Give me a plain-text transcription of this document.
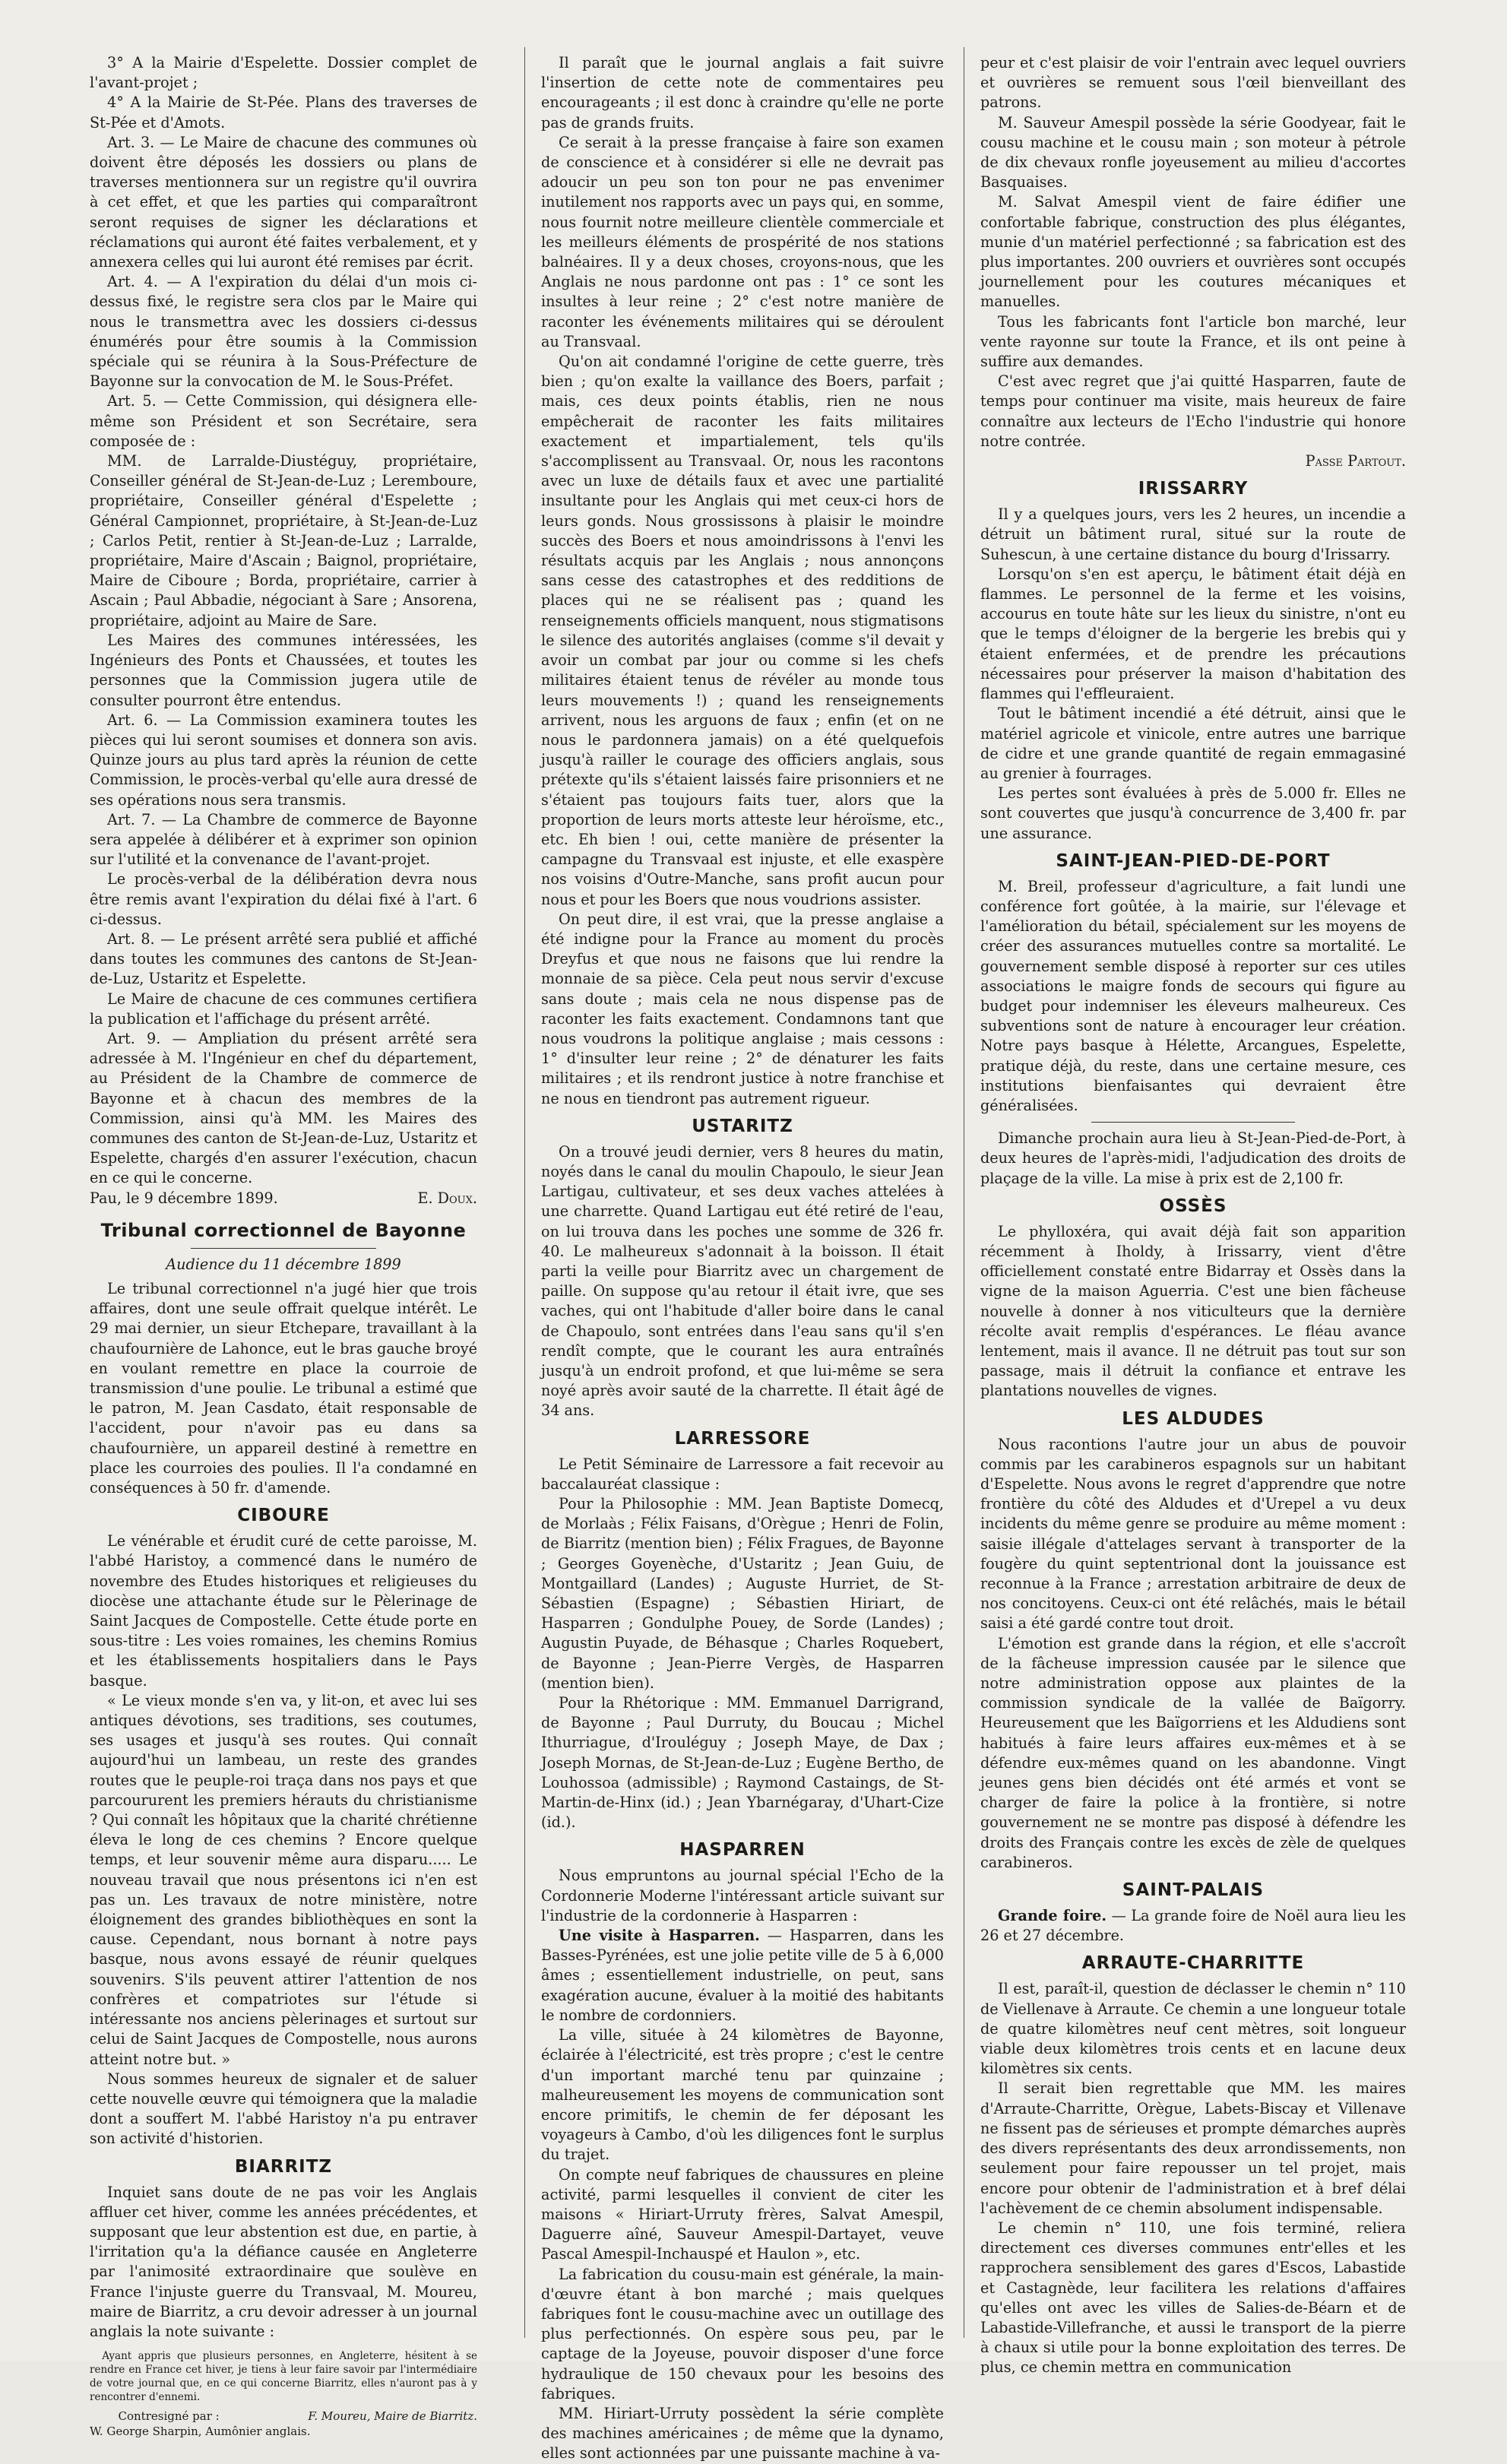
3° A la Mairie d'Espelette. Dossier complet de l'avant-projet ;
4° A la Mairie de St-Pée. Plans des traverses de St-Pée et d'Amots.
Art. 3. — Le Maire de chacune des communes où doivent être déposés les dossiers ou plans de traverses mentionnera sur un registre qu'il ouvrira à cet effet, et que les parties qui comparaîtront seront requises de signer les déclarations et réclamations qui auront été faites verbalement, et y annexera celles qui lui auront été remises par écrit.
Art. 4. — A l'expiration du délai d'un mois ci-dessus fixé, le registre sera clos par le Maire qui nous le transmettra avec les dossiers ci-dessus énumérés pour être soumis à la Commission spéciale qui se réunira à la Sous-Préfecture de Bayonne sur la convocation de M. le Sous-Préfet.
Art. 5. — Cette Commission, qui désignera elle-même son Président et son Secrétaire, sera composée de :
MM. de Larralde-Diustéguy, propriétaire, Conseiller général de St-Jean-de-Luz ; Leremboure, propriétaire, Conseiller général d'Espelette ; Général Campionnet, propriétaire, à St-Jean-de-Luz ; Carlos Petit, rentier à St-Jean-de-Luz ; Larralde, propriétaire, Maire d'Ascain ; Baignol, propriétaire, Maire de Ciboure ; Borda, propriétaire, carrier à Ascain ; Paul Abbadie, négociant à Sare ; Ansorena, propriétaire, adjoint au Maire de Sare.
Les Maires des communes intéressées, les Ingénieurs des Ponts et Chaussées, et toutes les personnes que la Commission jugera utile de consulter pourront être entendus.
Art. 6. — La Commission examinera toutes les pièces qui lui seront soumises et donnera son avis. Quinze jours au plus tard après la réunion de cette Commission, le procès-verbal qu'elle aura dressé de ses opérations nous sera transmis.
Art. 7. — La Chambre de commerce de Bayonne sera appelée à délibérer et à exprimer son opinion sur l'utilité et la convenance de l'avant-projet.
Le procès-verbal de la délibération devra nous être remis avant l'expiration du délai fixé à l'art. 6 ci-dessus.
Art. 8. — Le présent arrêté sera publié et affiché dans toutes les communes des cantons de St-Jean-de-Luz, Ustaritz et Espelette.
Le Maire de chacune de ces communes certifiera la publication et l'affichage du présent arrêté.
Art. 9. — Ampliation du présent arrêté sera adressée à M. l'Ingénieur en chef du département, au Président de la Chambre de commerce de Bayonne et à chacun des membres de la Commission, ainsi qu'à MM. les Maires des communes des canton de St-Jean-de-Luz, Ustaritz et Espelette, chargés d'en assurer l'exécution, chacun en ce qui le concerne.
Pau, le 9 décembre 1899.	E. Doux.
Tribunal correctionnel de Bayonne
Audience du 11 décembre 1899
Le tribunal correctionnel n'a jugé hier que trois affaires, dont une seule offrait quelque intérêt. Le 29 mai dernier, un sieur Etchepare, travaillant à la chaufournière de Lahonce, eut le bras gauche broyé en voulant remettre en place la courroie de transmission d'une poulie. Le tribunal a estimé que le patron, M. Jean Casdato, était responsable de l'accident, pour n'avoir pas eu dans sa chaufournière, un appareil destiné à remettre en place les courroies des poulies. Il l'a condamné en conséquences à 50 fr. d'amende.
CIBOURE
Le vénérable et érudit curé de cette paroisse, M. l'abbé Haristoy, a commencé dans le numéro de novembre des Etudes historiques et religieuses du diocèse une attachante étude sur le Pèlerinage de Saint Jacques de Compostelle. Cette étude porte en sous-titre : Les voies romaines, les chemins Romius et les établissements hospitaliers dans le Pays basque.
« Le vieux monde s'en va, y lit-on, et avec lui ses antiques dévotions, ses traditions, ses coutumes, ses usages et jusqu'à ses routes. Qui connaît aujourd'hui un lambeau, un reste des grandes routes que le peuple-roi traça dans nos pays et que parcoururent les premiers hérauts du christianisme ? Qui connaît les hôpitaux que la charité chrétienne éleva le long de ces chemins ? Encore quelque temps, et leur souvenir même aura disparu..... Le nouveau travail que nous présentons ici n'en est pas un. Les travaux de notre ministère, notre éloignement des grandes bibliothèques en sont la cause. Cependant, nous bornant à notre pays basque, nous avons essayé de réunir quelques souvenirs. S'ils peuvent attirer l'attention de nos confrères et compatriotes sur l'étude si intéressante nos anciens pèlerinages et surtout sur celui de Saint Jacques de Compostelle, nous aurons atteint notre but. »
Nous sommes heureux de signaler et de saluer cette nouvelle œuvre qui témoignera que la maladie dont a souffert M. l'abbé Haristoy n'a pu entraver son activité d'historien.
BIARRITZ
Inquiet sans doute de ne pas voir les Anglais affluer cet hiver, comme les années précédentes, et supposant que leur abstention est due, en partie, à l'irritation qu'a la défiance causée en Angleterre par l'animosité extraordinaire que soulève en France l'injuste guerre du Transvaal, M. Moureu, maire de Biarritz, a cru devoir adresser à un journal anglais la note suivante :
Ayant appris que plusieurs personnes, en Angleterre, hésitent à se rendre en France cet hiver, je tiens à leur faire savoir par l'intermédiaire de votre journal que, en ce qui concerne Biarritz, elles n'auront pas à y rencontrer d'ennemi.
Contresigné par :	F. Moureu, Maire de Biarritz.
W. George Sharpin, Aumônier anglais.
Il paraît que le journal anglais a fait suivre l'insertion de cette note de commentaires peu encourageants ; il est donc à craindre qu'elle ne porte pas de grands fruits.
Ce serait à la presse française à faire son examen de conscience et à considérer si elle ne devrait pas adoucir un peu son ton pour ne pas envenimer inutilement nos rapports avec un pays qui, en somme, nous fournit notre meilleure clientèle commerciale et les meilleurs éléments de prospérité de nos stations balnéaires. Il y a deux choses, croyons-nous, que les Anglais ne nous pardonne ont pas : 1° ce sont les insultes à leur reine ; 2° c'est notre manière de raconter les événements militaires qui se déroulent au Transvaal.
Qu'on ait condamné l'origine de cette guerre, très bien ; qu'on exalte la vaillance des Boers, parfait ; mais, ces deux points établis, rien ne nous empêcherait de raconter les faits militaires exactement et impartialement, tels qu'ils s'accomplissent au Transvaal. Or, nous les racontons avec un luxe de détails faux et avec une partialité insultante pour les Anglais qui met ceux-ci hors de leurs gonds. Nous grossissons à plaisir le moindre succès des Boers et nous amoindrissons à l'envi les résultats acquis par les Anglais ; nous annonçons sans cesse des catastrophes et des redditions de places qui ne se réalisent pas ; quand les renseignements officiels manquent, nous stigmatisons le silence des autorités anglaises (comme s'il devait y avoir un combat par jour ou comme si les chefs militaires étaient tenus de révéler au monde tous leurs mouvements !) ; quand les renseignements arrivent, nous les arguons de faux ; enfin (et on ne nous le pardonnera jamais) on a été quelquefois jusqu'à railler le courage des officiers anglais, sous prétexte qu'ils s'étaient laissés faire prisonniers et ne s'étaient pas toujours faits tuer, alors que la proportion de leurs morts atteste leur héroïsme, etc., etc. Eh bien ! oui, cette manière de présenter la campagne du Transvaal est injuste, et elle exaspère nos voisins d'Outre-Manche, sans profit aucun pour nous et pour les Boers que nous voudrions assister.
On peut dire, il est vrai, que la presse anglaise a été indigne pour la France au moment du procès Dreyfus et que nous ne faisons que lui rendre la monnaie de sa pièce. Cela peut nous servir d'excuse sans doute ; mais cela ne nous dispense pas de raconter les faits exactement. Condamnons tant que nous voudrons la politique anglaise ; mais cessons : 1° d'insulter leur reine ; 2° de dénaturer les faits militaires ; et ils rendront justice à notre franchise et ne nous en tiendront pas autrement rigueur.
USTARITZ
On a trouvé jeudi dernier, vers 8 heures du matin, noyés dans le canal du moulin Chapoulo, le sieur Jean Lartigau, cultivateur, et ses deux vaches attelées à une charrette. Quand Lartigau eut été retiré de l'eau, on lui trouva dans les poches une somme de 326 fr. 40. Le malheureux s'adonnait à la boisson. Il était parti la veille pour Biarritz avec un chargement de paille. On suppose qu'au retour il était ivre, que ses vaches, qui ont l'habitude d'aller boire dans le canal de Chapoulo, sont entrées dans l'eau sans qu'il s'en rendît compte, que le courant les aura entraînés jusqu'à un endroit profond, et que lui-même se sera noyé après avoir sauté de la charrette. Il était âgé de 34 ans.
LARRESSORE
Le Petit Séminaire de Larressore a fait recevoir au baccalauréat classique :
Pour la Philosophie : MM. Jean Baptiste Domecq, de Morlaàs ; Félix Faisans, d'Orègue ; Henri de Folin, de Biarritz (mention bien) ; Félix Fragues, de Bayonne ; Georges Goyenèche, d'Ustaritz ; Jean Guiu, de Montgaillard (Landes) ; Auguste Hurriet, de St-Sébastien (Espagne) ; Sébastien Hiriart, de Hasparren ; Gondulphe Pouey, de Sorde (Landes) ; Augustin Puyade, de Béhasque ; Charles Roquebert, de Bayonne ; Jean-Pierre Vergès, de Hasparren (mention bien).
Pour la Rhétorique : MM. Emmanuel Darrigrand, de Bayonne ; Paul Durruty, du Boucau ; Michel Ithurriague, d'Irouléguy ; Joseph Maye, de Dax ; Joseph Mornas, de St-Jean-de-Luz ; Eugène Bertho, de Louhossoa (admissible) ; Raymond Castaings, de St-Martin-de-Hinx (id.) ; Jean Ybarnégaray, d'Uhart-Cize (id.).
HASPARREN
Nous empruntons au journal spécial l'Echo de la Cordonnerie Moderne l'intéressant article suivant sur l'industrie de la cordonnerie à Hasparren :
Une visite à Hasparren. — Hasparren, dans les Basses-Pyrénées, est une jolie petite ville de 5 à 6,000 âmes ; essentiellement industrielle, on peut, sans exagération aucune, évaluer à la moitié des habitants le nombre de cordonniers.
La ville, située à 24 kilomètres de Bayonne, éclairée à l'électricité, est très propre ; c'est le centre d'un important marché tenu par quinzaine ; malheureusement les moyens de communication sont encore primitifs, le chemin de fer déposant les voyageurs à Cambo, d'où les diligences font le surplus du trajet.
On compte neuf fabriques de chaussures en pleine activité, parmi lesquelles il convient de citer les maisons « Hiriart-Urruty frères, Salvat Amespil, Daguerre aîné, Sauveur Amespil-Dartayet, veuve Pascal Amespil-Inchauspé et Haulon », etc.
La fabrication du cousu-main est générale, la main-d'œuvre étant à bon marché ; mais quelques fabriques font le cousu-machine avec un outillage des plus perfectionnés. On espère sous peu, par le captage de la Joyeuse, pouvoir disposer d'une force hydraulique de 150 chevaux pour les besoins des fabriques.
MM. Hiriart-Urruty possèdent la série complète des machines américaines ; de même que la dynamo, elles sont actionnées par une puissante machine à va-
peur et c'est plaisir de voir l'entrain avec lequel ouvriers et ouvrières se remuent sous l'œil bienveillant des patrons.
M. Sauveur Amespil possède la série Goodyear, fait le cousu machine et le cousu main ; son moteur à pétrole de dix chevaux ronfle joyeusement au milieu d'accortes Basquaises.
M. Salvat Amespil vient de faire édifier une confortable fabrique, construction des plus élégantes, munie d'un matériel perfectionné ; sa fabrication est des plus importantes. 200 ouvriers et ouvrières sont occupés journellement pour les coutures mécaniques et manuelles.
Tous les fabricants font l'article bon marché, leur vente rayonne sur toute la France, et ils ont peine à suffire aux demandes.
C'est avec regret que j'ai quitté Hasparren, faute de temps pour continuer ma visite, mais heureux de faire connaître aux lecteurs de l'Echo l'industrie qui honore notre contrée.
Passe Partout.
IRISSARRY
Il y a quelques jours, vers les 2 heures, un incendie a détruit un bâtiment rural, situé sur la route de Suhescun, à une certaine distance du bourg d'Irissarry.
Lorsqu'on s'en est aperçu, le bâtiment était déjà en flammes. Le personnel de la ferme et les voisins, accourus en toute hâte sur les lieux du sinistre, n'ont eu que le temps d'éloigner de la bergerie les brebis qui y étaient enfermées, et de prendre les précautions nécessaires pour préserver la maison d'habitation des flammes qui l'effleuraient.
Tout le bâtiment incendié a été détruit, ainsi que le matériel agricole et vinicole, entre autres une barrique de cidre et une grande quantité de regain emmagasiné au grenier à fourrages.
Les pertes sont évaluées à près de 5.000 fr. Elles ne sont couvertes que jusqu'à concurrence de 3,400 fr. par une assurance.
SAINT-JEAN-PIED-DE-PORT
M. Breil, professeur d'agriculture, a fait lundi une conférence fort goûtée, à la mairie, sur l'élevage et l'amélioration du bétail, spécialement sur les moyens de créer des assurances mutuelles contre sa mortalité. Le gouvernement semble disposé à reporter sur ces utiles associations le maigre fonds de secours qui figure au budget pour indemniser les éleveurs malheureux. Ces subventions sont de nature à encourager leur création. Notre pays basque à Hélette, Arcangues, Espelette, pratique déjà, du reste, dans une certaine mesure, ces institutions bienfaisantes qui devraient être généralisées.
Dimanche prochain aura lieu à St-Jean-Pied-de-Port, à deux heures de l'après-midi, l'adjudication des droits de plaçage de la ville. La mise à prix est de 2,100 fr.
OSSÈS
Le phylloxéra, qui avait déjà fait son apparition récemment à Iholdy, à Irissarry, vient d'être officiellement constaté entre Bidarray et Ossès dans la vigne de la maison Aguerria. C'est une bien fâcheuse nouvelle à donner à nos viticulteurs que la dernière récolte avait remplis d'espérances. Le fléau avance lentement, mais il avance. Il ne détruit pas tout sur son passage, mais il détruit la confiance et entrave les plantations nouvelles de vignes.
LES ALDUDES
Nous racontions l'autre jour un abus de pouvoir commis par les carabineros espagnols sur un habitant d'Espelette. Nous avons le regret d'apprendre que notre frontière du côté des Aldudes et d'Urepel a vu deux incidents du même genre se produire au même moment : saisie illégale d'attelages servant à transporter de la fougère du quint septentrional dont la jouissance est reconnue à la France ; arrestation arbitraire de deux de nos concitoyens. Ceux-ci ont été relâchés, mais le bétail saisi a été gardé contre tout droit.
L'émotion est grande dans la région, et elle s'accroît de la fâcheuse impression causée par le silence que notre administration oppose aux plaintes de la commission syndicale de la vallée de Baïgorry. Heureusement que les Baïgorriens et les Aldudiens sont habitués à faire leurs affaires eux-mêmes et à se défendre eux-mêmes quand on les abandonne. Vingt jeunes gens bien décidés ont été armés et vont se charger de faire la police à la frontière, si notre gouvernement ne se montre pas disposé à défendre les droits des Français contre les excès de zèle de quelques carabineros.
SAINT-PALAIS
Grande foire. — La grande foire de Noël aura lieu les 26 et 27 décembre.
ARRAUTE-CHARRITTE
Il est, paraît-il, question de déclasser le chemin n° 110 de Viellenave à Arraute. Ce chemin a une longueur totale de quatre kilomètres neuf cent mètres, soit longueur viable deux kilomètres trois cents et en lacune deux kilomètres six cents.
Il serait bien regrettable que MM. les maires d'Arraute-Charritte, Orègue, Labets-Biscay et Villenave ne fissent pas de sérieuses et prompte démarches auprès des divers représentants des deux arrondissements, non seulement pour faire repousser un tel projet, mais encore pour obtenir de l'administration et à bref délai l'achèvement de ce chemin absolument indispensable.
Le chemin n° 110, une fois terminé, reliera directement ces diverses communes entr'elles et les rapprochera sensiblement des gares d'Escos, Labastide et Castagnède, leur facilitera les relations d'affaires qu'elles ont avec les villes de Salies-de-Béarn et de Labastide-Villefranche, et aussi le transport de la pierre à chaux si utile pour la bonne exploitation des terres. De plus, ce chemin mettra en communication
